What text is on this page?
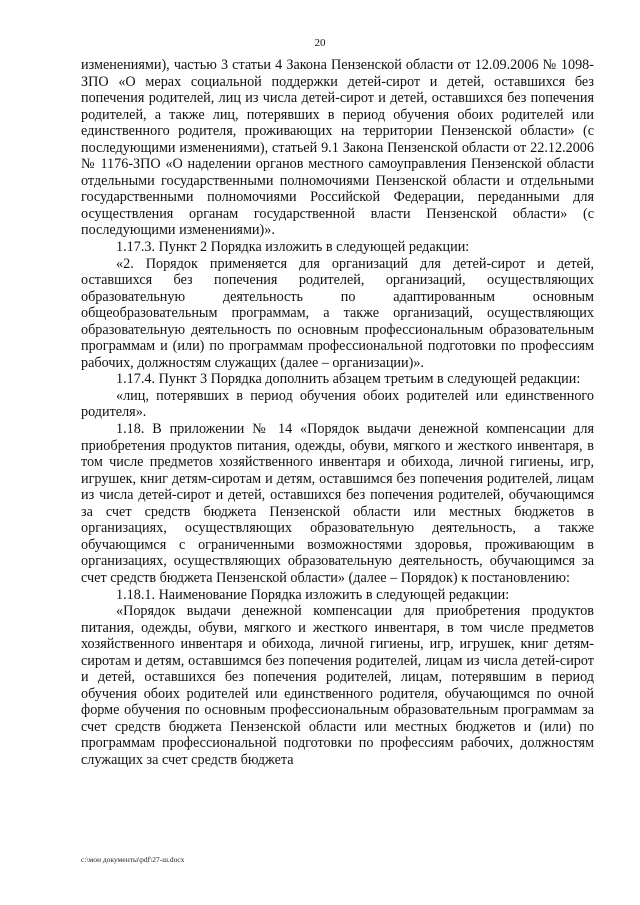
20

изменениями), частью 3 статьи 4 Закона Пензенской области от 12.09.2006 № 1098-ЗПО «О мерах социальной поддержки детей-сирот и детей, оставшихся без попечения родителей, лиц из числа детей-сирот и детей, оставшихся без попечения родителей, а также лиц, потерявших в период обучения обоих родителей или единственного родителя, проживающих на территории Пензенской области» (с последующими изменениями), статьей 9.1 Закона Пензенской области от 22.12.2006 № 1176-ЗПО «О наделении органов местного самоуправления Пензенской области отдельными государственными полномочиями Пензенской области и отдельными государственными полномочиями Российской Федерации, переданными для осуществления органам государственной власти Пензенской области» (с последующими изменениями)».

1.17.3. Пункт 2 Порядка изложить в следующей редакции:

«2. Порядок применяется для организаций для детей-сирот и детей, оставшихся без попечения родителей, организаций, осуществляющих образовательную деятельность по адаптированным основным общеобразовательным программам, а также организаций, осуществляющих образовательную деятельность по основным профессиональным образовательным программам и (или) по программам профессиональной подготовки по профессиям рабочих, должностям служащих (далее – организации)».

1.17.4. Пункт 3 Порядка дополнить абзацем третьим в следующей редакции:

«лиц, потерявших в период обучения обоих родителей или единственного родителя».

1.18. В приложении № 14 «Порядок выдачи денежной компенсации для приобретения продуктов питания, одежды, обуви, мягкого и жесткого инвентаря, в том числе предметов хозяйственного инвентаря и обихода, личной гигиены, игр, игрушек, книг детям-сиротам и детям, оставшимся без попечения родителей, лицам из числа детей-сирот и детей, оставшихся без попечения родителей, обучающимся за счет средств бюджета Пензенской области или местных бюджетов в организациях, осуществляющих образовательную деятельность, а также обучающимся с ограниченными возможностями здоровья, проживающим в организациях, осуществляющих образовательную деятельность, обучающимся за счет средств бюджета Пензенской области» (далее – Порядок) к постановлению:

1.18.1. Наименование Порядка изложить в следующей редакции:

«Порядок выдачи денежной компенсации для приобретения продуктов питания, одежды, обуви, мягкого и жесткого инвентаря, в том числе предметов хозяйственного инвентаря и обихода, личной гигиены, игр, игрушек, книг детям-сиротам и детям, оставшимся без попечения родителей, лицам из числа детей-сирот и детей, оставшихся без попечения родителей, лицам, потерявшим в период обучения обоих родителей или единственного родителя, обучающимся по очной форме обучения по основным профессиональным образовательным программам за счет средств бюджета Пензенской области или местных бюджетов и (или) по программам профессиональной подготовки по профессиям рабочих, должностям служащих за счет средств бюджета

c:\мои документы\pdf\27-ш.docx
